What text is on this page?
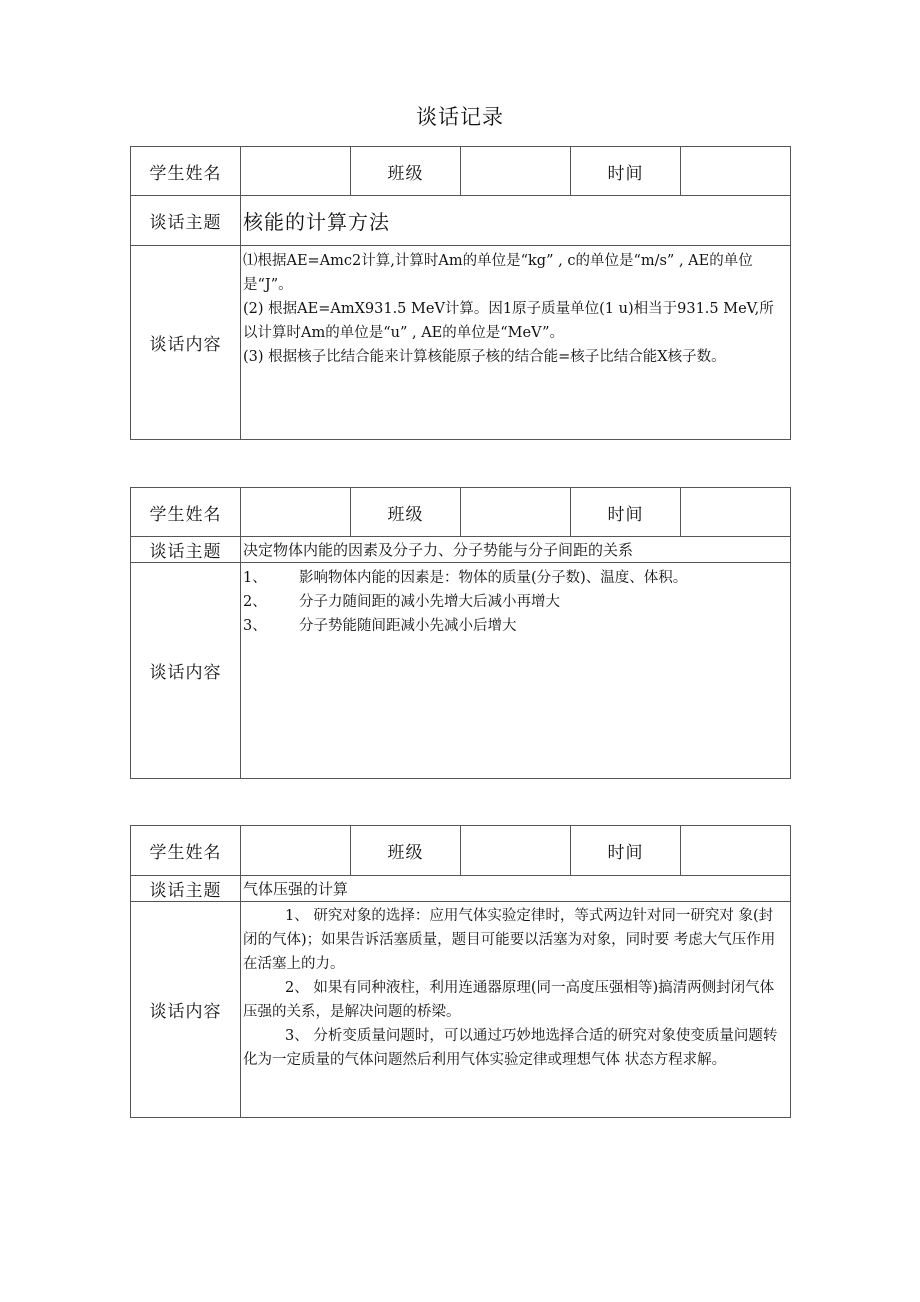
谈话记录
学生姓名		班级		时间	
谈话主题	核能的计算方法				
谈话内容	⑴根据AE=Amc2计算,计算时Am的单位是“kg” , c的单位是“m/s” , AE的单位是“J”。

(2) 根据AE=AmX931.5 MeV计算。因1原子质量单位(1 u)相当于931.5 MeV,所以计算时Am的单位是“u” , AE的单位是“MeV”。

(3) 根据核子比结合能来计算核能原子核的结合能=核子比结合能X核子数。				

学生姓名		班级		时间	
谈话主题	决定物体内能的因素及分子力、分子势能与分子间距的关系				
谈话内容	1、 影响物体内能的因素是：物体的质量(分子数)、温度、体积。

2、 分子力随间距的减小先增大后减小再增大

3、 分子势能随间距减小先减小后增大				

学生姓名		班级		时间	
谈话主题	气体压强的计算				
谈话内容	1、 研究对象的选择：应用气体实验定律时，等式两边针对同一研究对 象(封闭的气体)；如果告诉活塞质量，题目可能要以活塞为对象，同时要 考虑大气压作用在活塞上的力。

2、 如果有同种液柱，利用连通器原理(同一高度压强相等)搞清两侧封闭气体压强的关系，是解决问题的桥梁。

3、 分析变质量问题时，可以通过巧妙地选择合适的研究对象使变质量问题转化为一定质量的气体问题然后利用气体实验定律或理想气体 状态方程求解。				
